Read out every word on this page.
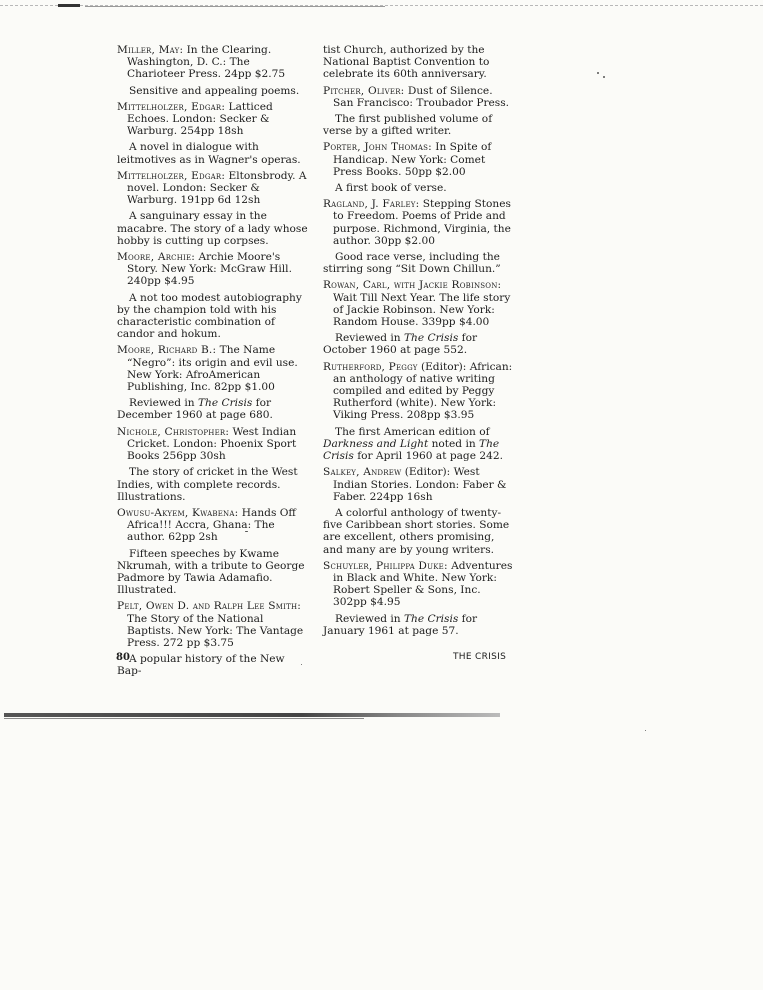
Miller, May: In the Clearing. Washington, D. C.: The Charioteer Press. 24pp $2.75

Sensitive and appealing poems.

Mittelholzer, Edgar: Latticed Echoes. London: Secker & Warburg. 254pp 18sh

A novel in dialogue with leitmotives as in Wagner's operas.

Mittelholzer, Edgar: Eltonsbrody. A novel. London: Secker & Warburg. 191pp 6d 12sh

A sanguinary essay in the macabre. The story of a lady whose hobby is cutting up corpses.

Moore, Archie: Archie Moore's Story. New York: McGraw Hill. 240pp $4.95

A not too modest autobiography by the champion told with his characteristic combination of candor and hokum.

Moore, Richard B.: The Name “Negro”: its origin and evil use. New York: AfroAmerican Publishing, Inc. 82pp $1.00

Reviewed in The Crisis for December 1960 at page 680.

Nichole, Christopher: West Indian Cricket. London: Phoenix Sport Books 256pp 30sh

The story of cricket in the West Indies, with complete records. Illustrations.

Owusu-Akyem, Kwabena: Hands Off Africa!!! Accra, Ghana: The author. 62pp 2sh

Fifteen speeches by Kwame Nkrumah, with a tribute to George Padmore by Tawia Adamafio. Illustrated.

Pelt, Owen D. and Ralph Lee Smith: The Story of the National Baptists. New York: The Vantage Press. 272 pp $3.75

A popular history of the New Bap-

tist Church, authorized by the National Baptist Convention to celebrate its 60th anniversary.

Pitcher, Oliver: Dust of Silence. San Francisco: Troubador Press.

The first published volume of verse by a gifted writer.

Porter, John Thomas: In Spite of Handicap. New York: Comet Press Books. 50pp $2.00

A first book of verse.

Ragland, J. Farley: Stepping Stones to Freedom. Poems of Pride and purpose. Richmond, Virginia, the author. 30pp $2.00

Good race verse, including the stirring song “Sit Down Chillun.”

Rowan, Carl, with Jackie Robinson: Wait Till Next Year. The life story of Jackie Robinson. New York: Random House. 339pp $4.00

Reviewed in The Crisis for October 1960 at page 552.

Rutherford, Peggy (Editor): African: an anthology of native writing compiled and edited by Peggy Rutherford (white). New York: Viking Press. 208pp $3.95

The first American edition of Darkness and Light noted in The Crisis for April 1960 at page 242.

Salkey, Andrew (Editor): West Indian Stories. London: Faber & Faber. 224pp 16sh

A colorful anthology of twenty-five Caribbean short stories. Some are excellent, others promising, and many are by young writers.

Schuyler, Philippa Duke: Adventures in Black and White. New York: Robert Speller & Sons, Inc. 302pp $4.95

Reviewed in The Crisis for January 1961 at page 57.

80	THE CRISIS
